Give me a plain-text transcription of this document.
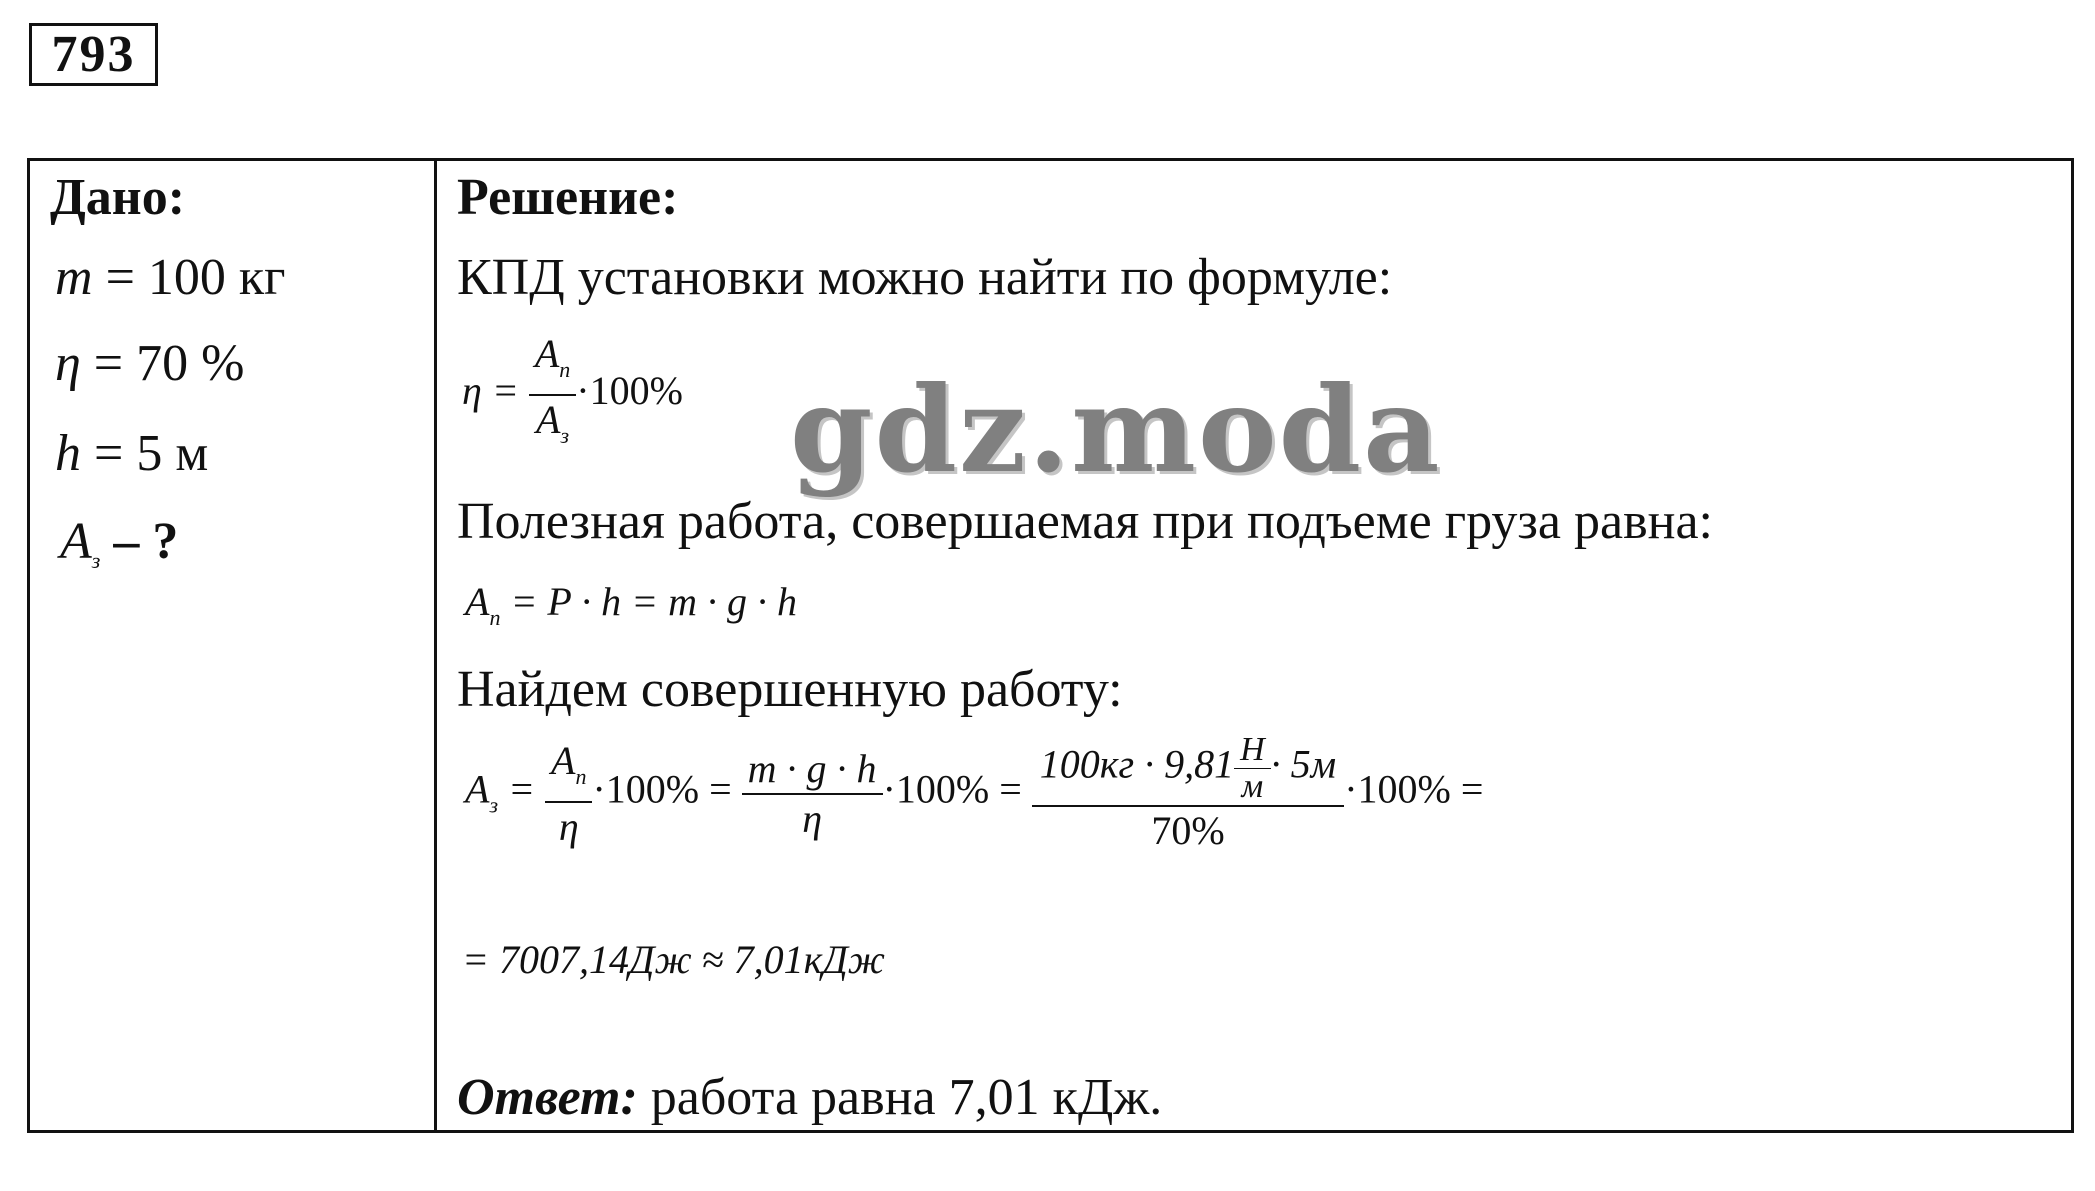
793
Дано:
m = 100 кг
η = 70 %
h = 5 м
$A_з$ – ?
Решение:
КПД установки можно найти по формуле:
$\eta = \frac{A_п}{A_з} \cdot 100\%$
Полезная работа, совершаемая при подъеме груза равна:
$A_п = P \cdot h = m \cdot g \cdot h$
Найдем совершенную работу:
$A_з = \frac{A_п}{\eta} \cdot 100\% = \frac{m \cdot g \cdot h}{\eta} \cdot 100\% = \frac{100кг \cdot 9,81 \frac{Н}{м} \cdot 5м}{70\%} \cdot 100\%$ =
= 7007,14Дж ≈ 7,01кДж
Ответ: работа равна 7,01 кДж.
gdz.moda
